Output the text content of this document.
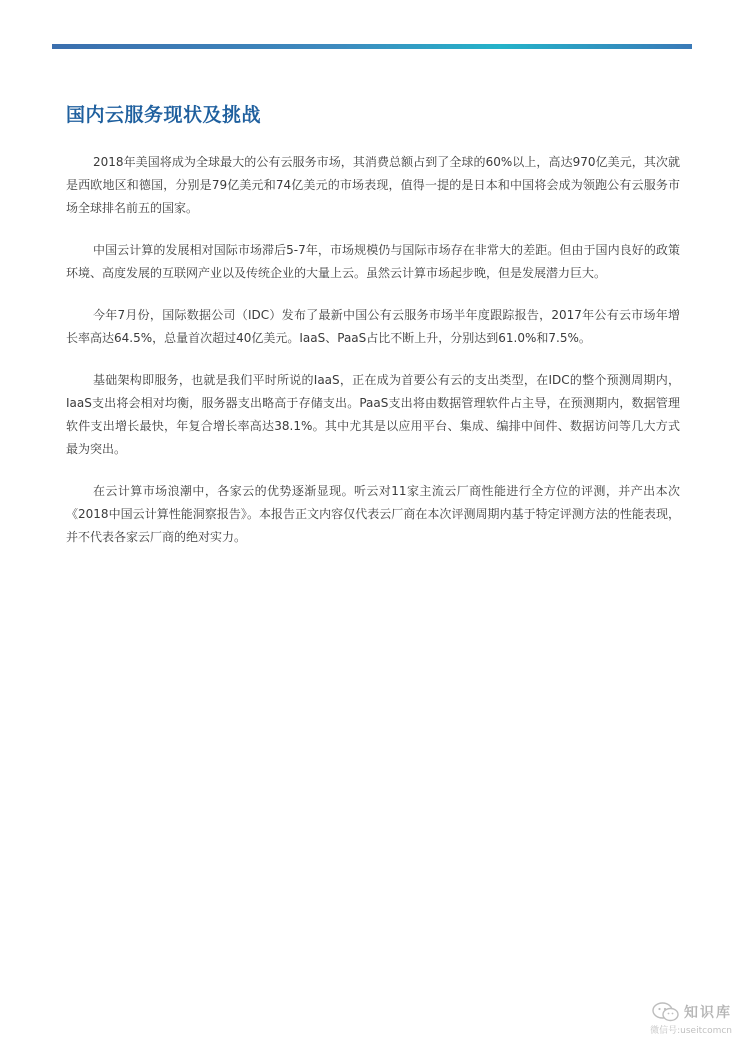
国内云服务现状及挑战

2018年美国将成为全球最大的公有云服务市场，其消费总额占到了全球的60%以上，高达970亿美元，其次就是西欧地区和德国，分别是79亿美元和74亿美元的市场表现，值得一提的是日本和中国将会成为领跑公有云服务市场全球排名前五的国家。

中国云计算的发展相对国际市场滞后5-7年，市场规模仍与国际市场存在非常大的差距。但由于国内良好的政策环境、高度发展的互联网产业以及传统企业的大量上云。虽然云计算市场起步晚，但是发展潜力巨大。

今年7月份，国际数据公司（IDC）发布了最新中国公有云服务市场半年度跟踪报告，2017年公有云市场年增长率高达64.5%，总量首次超过40亿美元。IaaS、PaaS占比不断上升，分别达到61.0%和7.5%。

基础架构即服务，也就是我们平时所说的IaaS，正在成为首要公有云的支出类型，在IDC的整个预测周期内，IaaS支出将会相对均衡，服务器支出略高于存储支出。PaaS支出将由数据管理软件占主导，在预测期内，数据管理软件支出增长最快，年复合增长率高达38.1%。其中尤其是以应用平台、集成、编排中间件、数据访问等几大方式最为突出。

在云计算市场浪潮中，各家云的优势逐渐显现。听云对11家主流云厂商性能进行全方位的评测，并产出本次《2018中国云计算性能洞察报告》。本报告正文内容仅代表云厂商在本次评测周期内基于特定评测方法的性能表现，并不代表各家云厂商的绝对实力。

知识库
微信号:useitcomcn
